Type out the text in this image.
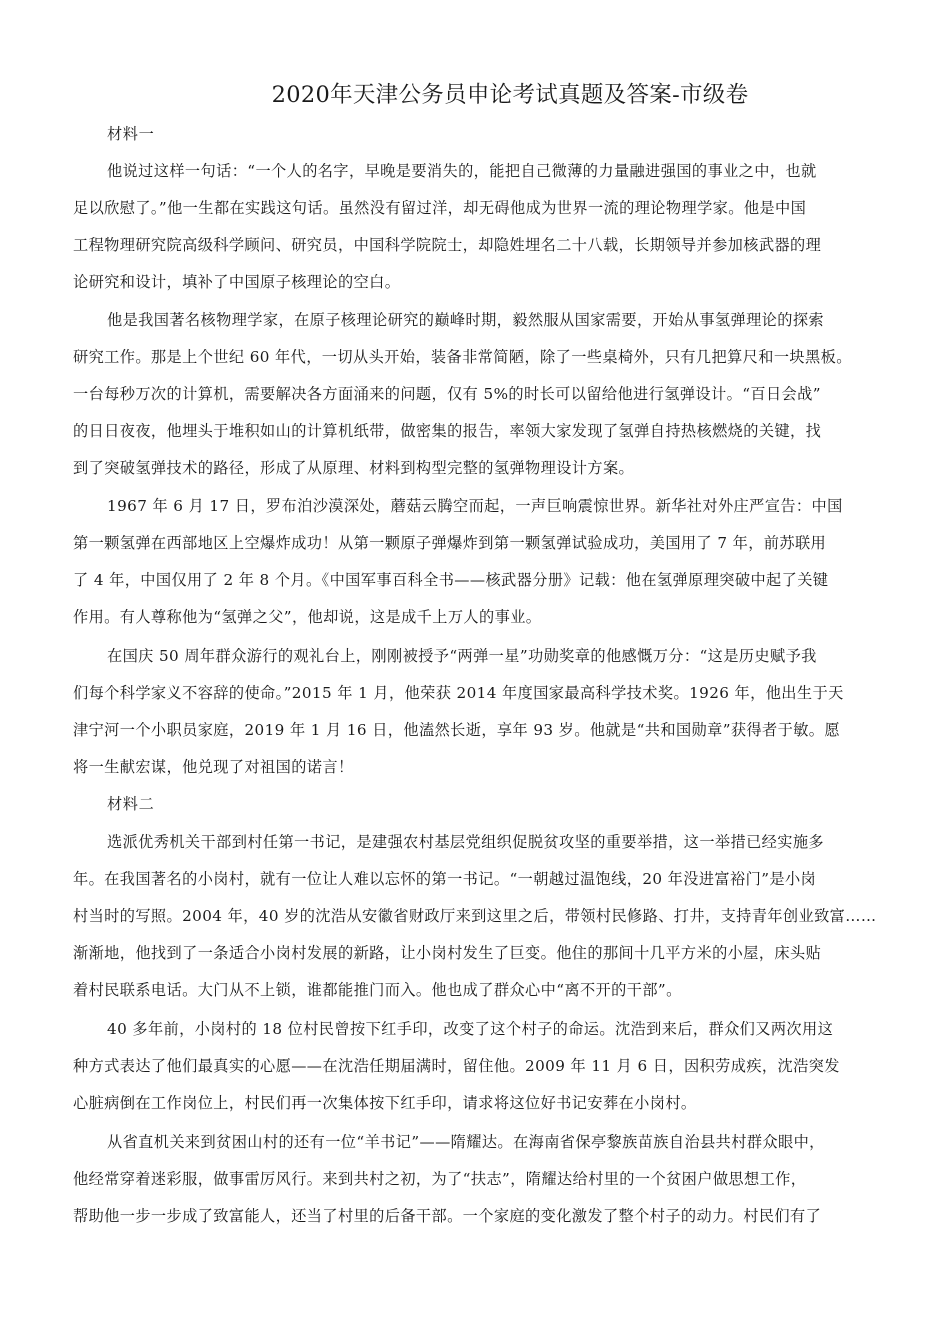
2020年天津公务员申论考试真题及答案-市级卷
材料一
他说过这样一句话：“一个人的名字，早晚是要消失的，能把自己微薄的力量融进强国的事业之中，也就
足以欣慰了。”他一生都在实践这句话。虽然没有留过洋，却无碍他成为世界一流的理论物理学家。他是中国
工程物理研究院高级科学顾问、研究员，中国科学院院士，却隐姓埋名二十八载，长期领导并参加核武器的理
论研究和设计，填补了中国原子核理论的空白。
他是我国著名核物理学家，在原子核理论研究的巅峰时期，毅然服从国家需要，开始从事氢弹理论的探索
研究工作。那是上个世纪 60 年代，一切从头开始，装备非常简陋，除了一些桌椅外，只有几把算尺和一块黑板。
一台每秒万次的计算机，需要解决各方面涌来的问题，仅有 5%的时长可以留给他进行氢弹设计。“百日会战”
的日日夜夜，他埋头于堆积如山的计算机纸带，做密集的报告，率领大家发现了氢弹自持热核燃烧的关键，找
到了突破氢弹技术的路径，形成了从原理、材料到构型完整的氢弹物理设计方案。
1967 年 6 月 17 日，罗布泊沙漠深处，蘑菇云腾空而起，一声巨响震惊世界。新华社对外庄严宣告：中国
第一颗氢弹在西部地区上空爆炸成功！从第一颗原子弹爆炸到第一颗氢弹试验成功，美国用了 7 年，前苏联用
了 4 年，中国仅用了 2 年 8 个月。《中国军事百科全书——核武器分册》记载：他在氢弹原理突破中起了关键
作用。有人尊称他为“氢弹之父”，他却说，这是成千上万人的事业。
在国庆 50 周年群众游行的观礼台上，刚刚被授予“两弹一星”功勋奖章的他感慨万分：“这是历史赋予我
们每个科学家义不容辞的使命。”2015 年 1 月，他荣获 2014 年度国家最高科学技术奖。1926 年，他出生于天
津宁河一个小职员家庭，2019 年 1 月 16 日，他溘然长逝，享年 93 岁。他就是“共和国勋章”获得者于敏。愿
将一生献宏谋，他兑现了对祖国的诺言！
材料二
选派优秀机关干部到村任第一书记，是建强农村基层党组织促脱贫攻坚的重要举措，这一举措已经实施多
年。在我国著名的小岗村，就有一位让人难以忘怀的第一书记。“一朝越过温饱线，20 年没进富裕门”是小岗
村当时的写照。2004 年，40 岁的沈浩从安徽省财政厅来到这里之后，带领村民修路、打井，支持青年创业致富……
渐渐地，他找到了一条适合小岗村发展的新路，让小岗村发生了巨变。他住的那间十几平方米的小屋，床头贴
着村民联系电话。大门从不上锁，谁都能推门而入。他也成了群众心中“离不开的干部”。
40 多年前，小岗村的 18 位村民曾按下红手印，改变了这个村子的命运。沈浩到来后，群众们又两次用这
种方式表达了他们最真实的心愿——在沈浩任期届满时，留住他。2009 年 11 月 6 日，因积劳成疾，沈浩突发
心脏病倒在工作岗位上，村民们再一次集体按下红手印，请求将这位好书记安葬在小岗村。
从省直机关来到贫困山村的还有一位“羊书记”——隋耀达。在海南省保亭黎族苗族自治县共村群众眼中，
他经常穿着迷彩服，做事雷厉风行。来到共村之初，为了“扶志”，隋耀达给村里的一个贫困户做思想工作，
帮助他一步一步成了致富能人，还当了村里的后备干部。一个家庭的变化激发了整个村子的动力。村民们有了
